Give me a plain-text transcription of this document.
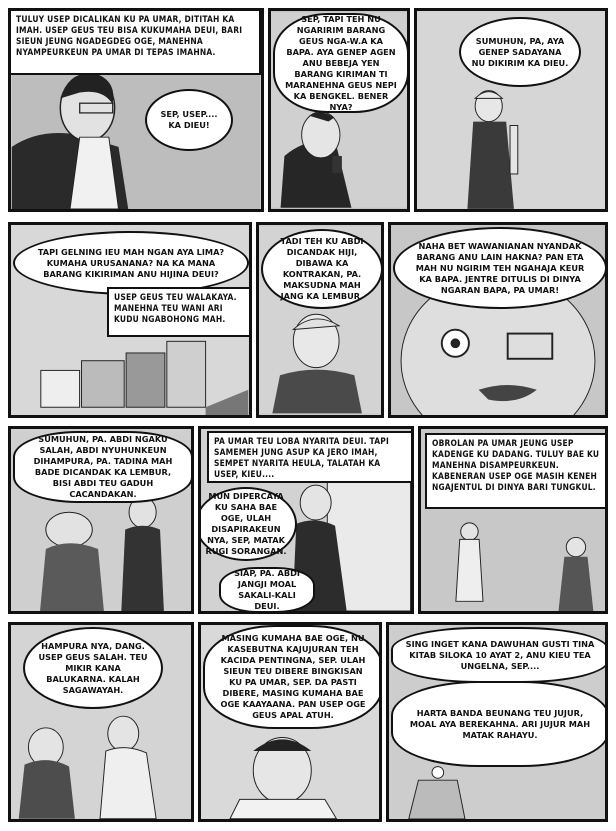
TULUY USEP DICALIKAN KU PA UMAR, DITITAH KA IMAH. USEP GEUS TEU BISA KUKUMAHA DEUI, BARI SIEUN JEUNG NGADEGDEG OGE, MANEHNA NYAMPEURKEUN PA UMAR DI TEPAS IMAHNA.
SEP, USEP.... KA DIEU!
SEP, TAPI TEH NU NGARIRIM BARANG GEUS NGA-W.A KA BAPA. AYA GENEP AGEN ANU BEBEJA YEN BARANG KIRIMAN TI MARANEHNA GEUS NEPI KA BENGKEL. BENER NYA?
SUMUHUN, PA, AYA GENEP SADAYANA NU DIKIRIM KA DIEU.
TAPI GELNING IEU MAH NGAN AYA LIMA? KUMAHA URUSANANA? NA KA MANA BARANG KIKIRIMAN ANU HIJINA DEUI?
USEP GEUS TEU WALAKAYA. MANEHNA TEU WANI ARI KUDU NGABOHONG MAH.
TADI TEH KU ABDI DICANDAK HIJI, DIBAWA KA KONTRAKAN, PA. MAKSUDNA MAH JANG KA LEMBUR.
NAHA BET WAWANIANAN NYANDAK BARANG ANU LAIN HAKNA? PAN ETA MAH NU NGIRIM TEH NGAHAJA KEUR KA BAPA. JENTRE DITULIS DI DINYA NGARAN BAPA, PA UMAR!
SUMUHUN, PA. ABDI NGAKU SALAH, ABDI NYUHUNKEUN DIHAMPURA, PA. TADINA MAH BADE DICANDAK KA LEMBUR, BISI ABDI TEU GADUH CACANDAKAN.
PA UMAR TEU LOBA NYARITA DEUI. TAPI SAMEMEH JUNG ASUP KA JERO IMAH, SEMPET NYARITA HEULA, TALATAH KA USEP, KIEU....
MUN DIPERCAYA KU SAHA BAE OGE, ULAH DISAPIRAKEUN NYA, SEP, MATAK RUGI SORANGAN.
SIAP, PA. ABDI JANGJI MOAL SAKALI-KALI DEUI.
OBROLAN PA UMAR JEUNG USEP KADENGE KU DADANG. TULUY BAE KU MANEHNA DISAMPEURKEUN. KABENERAN USEP OGE MASIH KENEH NGAJENTUL DI DINYA BARI TUNGKUL.
HAMPURA NYA, DANG. USEP GEUS SALAH. TEU MIKIR KANA BALUKARNA. KALAH SAGAWAYAH.
MASING KUMAHA BAE OGE, NU KASEBUTNA KAJUJURAN TEH KACIDA PENTINGNA, SEP. ULAH SIEUN TEU DIBERE BINGKISAN KU PA UMAR, SEP. DA PASTI DIBERE, MASING KUMAHA BAE OGE KAAYAANA. PAN USEP OGE GEUS APAL ATUH.
SING INGET KANA DAWUHAN GUSTI TINA KITAB SILOKA 10 AYAT 2, ANU KIEU TEA UNGELNA, SEP....
HARTA BANDA BEUNANG TEU JUJUR, MOAL AYA BEREKAHNA. ARI JUJUR MAH MATAK RAHAYU.
